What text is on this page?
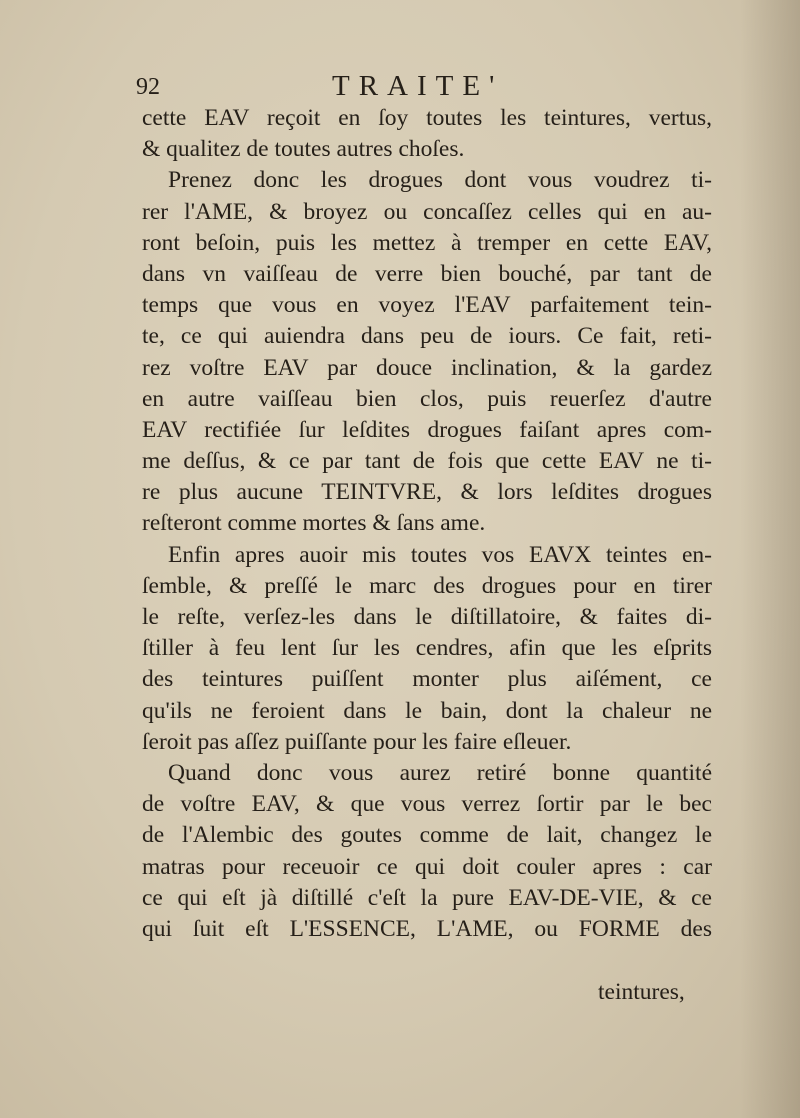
92	TRAITE'
cette EAV reçoit en ſoy toutes les teintures, vertus,
& qualitez de toutes autres choſes.
Prenez donc les drogues dont vous voudrez ti-
rer l'AME, & broyez ou concaſſez celles qui en au-
ront beſoin, puis les mettez à tremper en cette EAV,
dans vn vaiſſeau de verre bien bouché, par tant de
temps que vous en voyez l'EAV parfaitement tein-
te, ce qui auiendra dans peu de iours. Ce fait, reti-
rez voſtre EAV par douce inclination, & la gardez
en autre vaiſſeau bien clos, puis reuerſez d'autre
EAV rectifiée ſur leſdites drogues faiſant apres com-
me deſſus, & ce par tant de fois que cette EAV ne ti-
re plus aucune TEINTVRE, & lors leſdites drogues
reſteront comme mortes & ſans ame.
Enfin apres auoir mis toutes vos EAVX teintes en-
ſemble, & preſſé le marc des drogues pour en tirer
le reſte, verſez-les dans le diſtillatoire, & faites di-
ſtiller à feu lent ſur les cendres, afin que les eſprits
des teintures puiſſent monter plus aiſément, ce
qu'ils ne feroient dans le bain, dont la chaleur ne
ſeroit pas aſſez puiſſante pour les faire eſleuer.
Quand donc vous aurez retiré bonne quantité
de voſtre EAV, & que vous verrez ſortir par le bec
de l'Alembic des goutes comme de lait, changez le
matras pour receuoir ce qui doit couler apres : car
ce qui eſt jà diſtillé c'eſt la pure EAV-DE-VIE, & ce
qui ſuit eſt L'ESSENCE, L'AME, ou FORME des
teintures,
